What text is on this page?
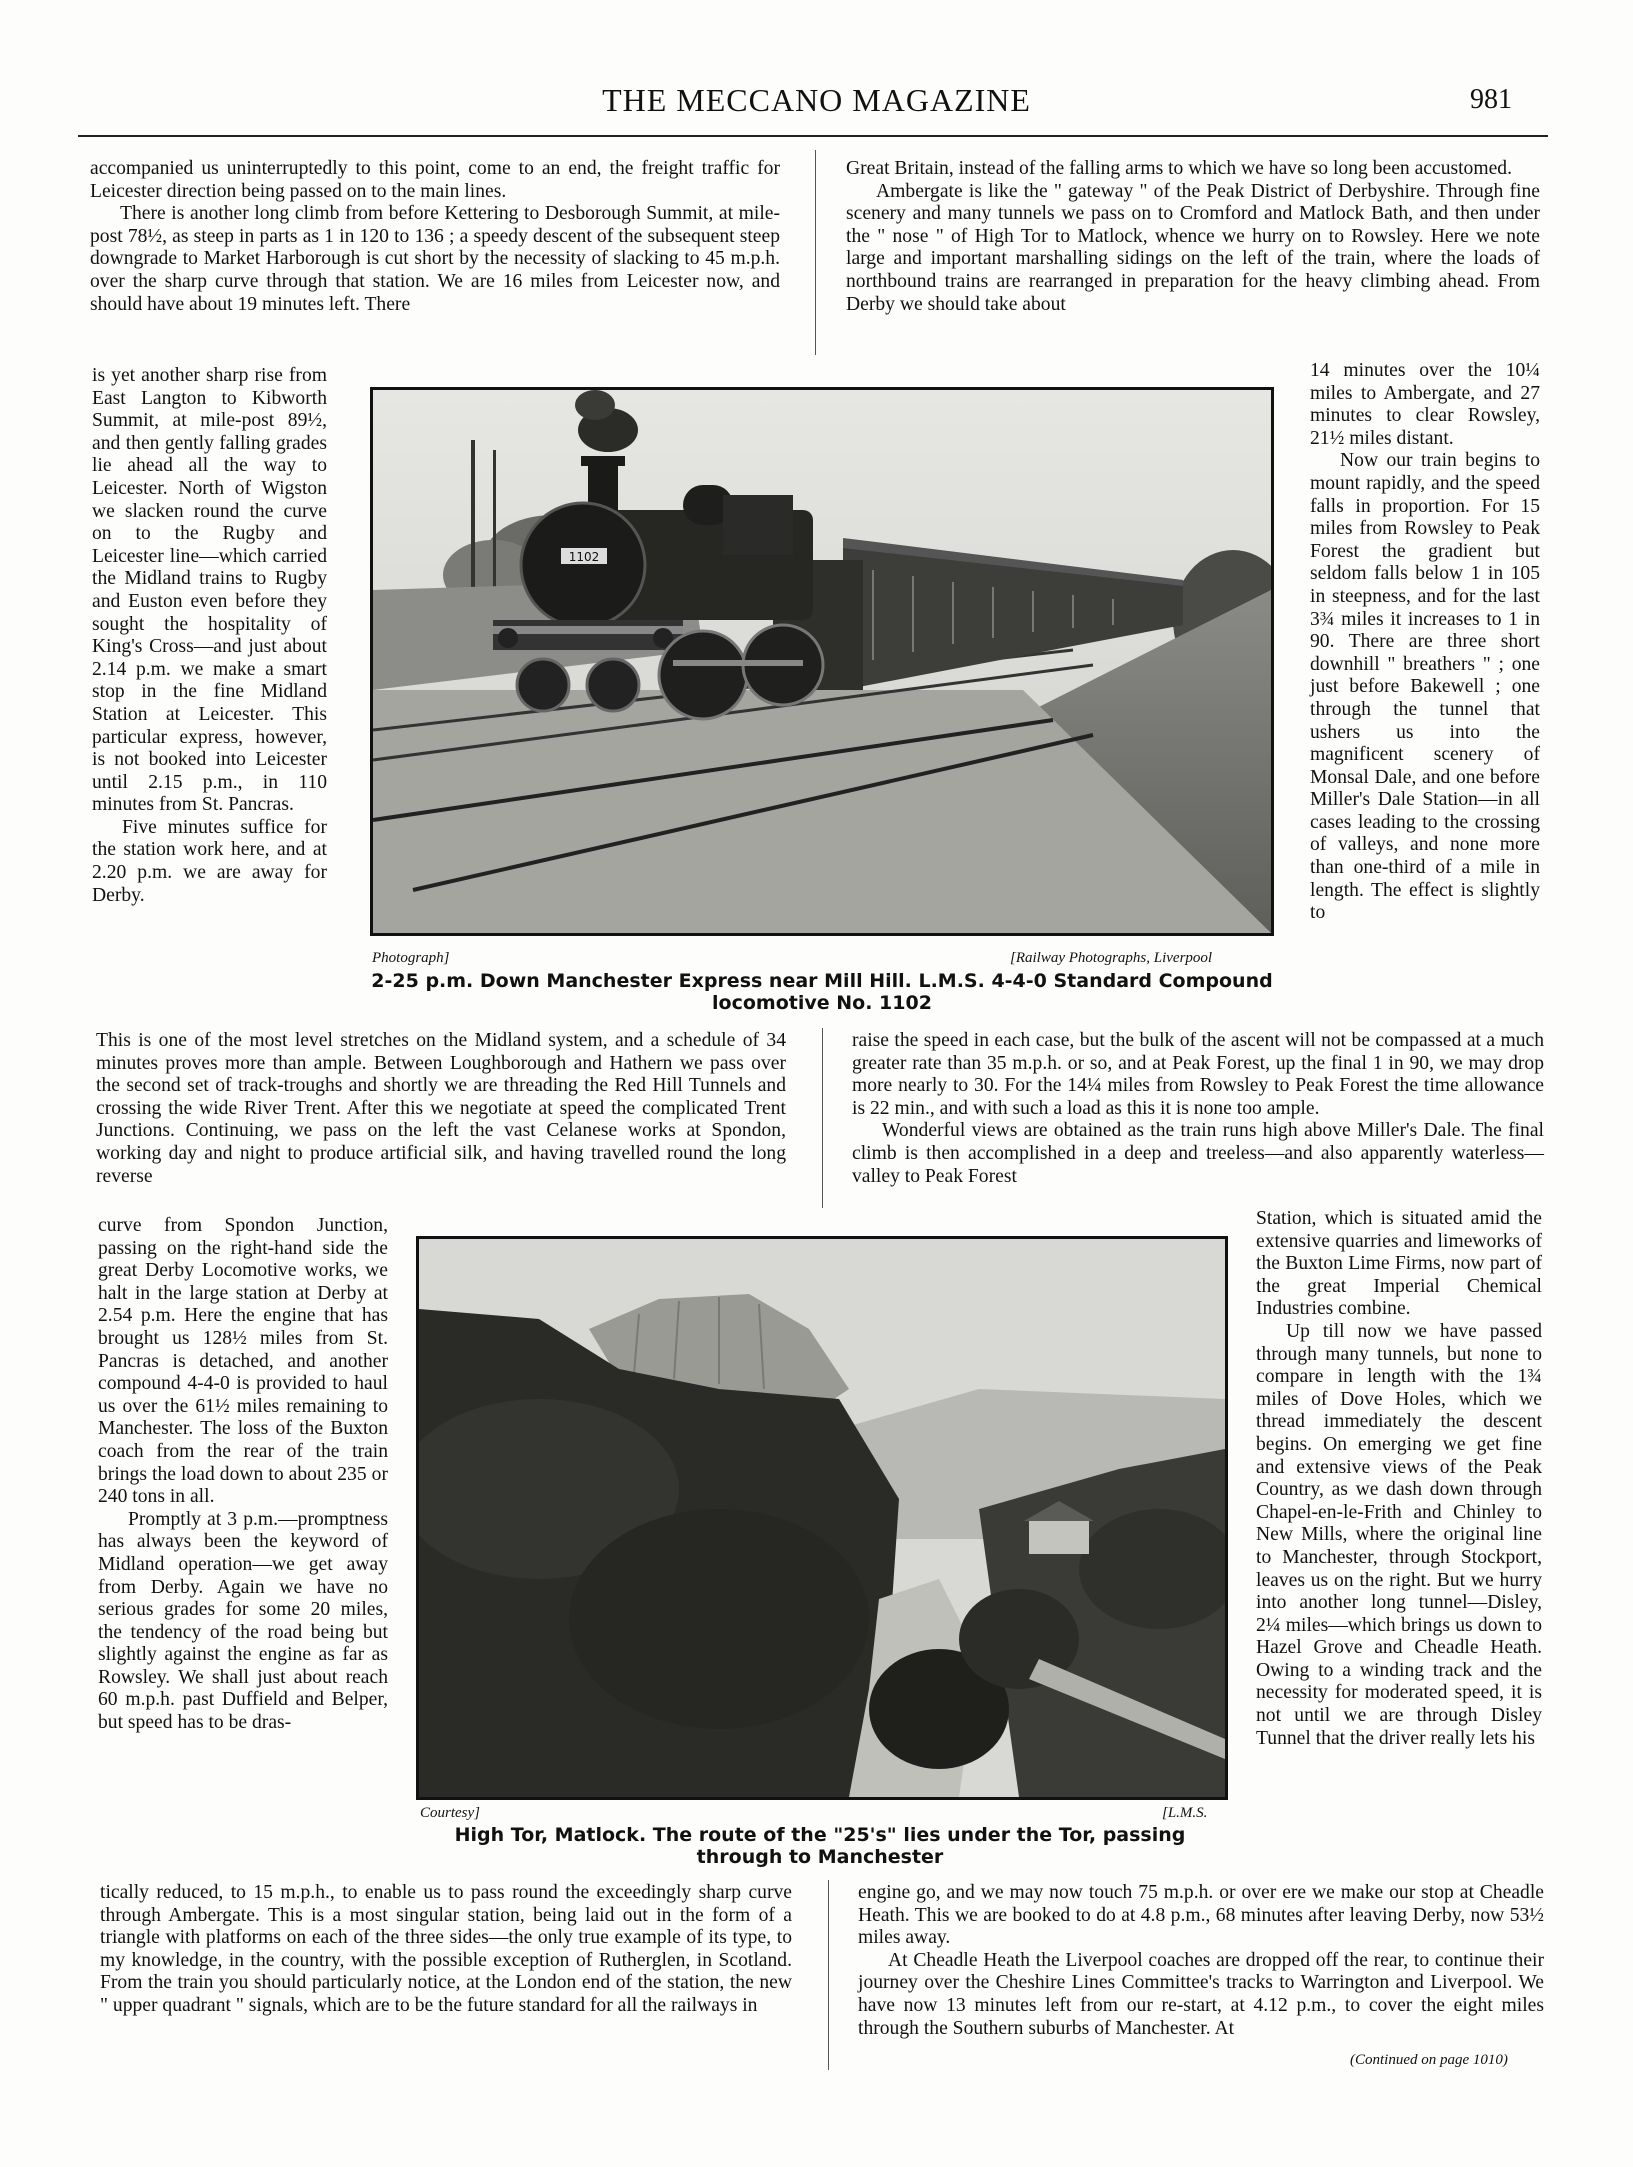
THE MECCANO MAGAZINE	981

accompanied us uninterruptedly to this point, come to an end, the freight traffic for Leicester direction being passed on to the main lines.

There is another long climb from before Kettering to Desborough Summit, at mile-post 78½, as steep in parts as 1 in 120 to 136 ; a speedy descent of the subsequent steep downgrade to Market Harborough is cut short by the necessity of slacking to 45 m.p.h. over the sharp curve through that station. We are 16 miles from Leicester now, and should have about 19 minutes left. There

Great Britain, instead of the falling arms to which we have so long been accustomed.

Ambergate is like the " gateway " of the Peak District of Derbyshire. Through fine scenery and many tunnels we pass on to Cromford and Matlock Bath, and then under the " nose " of High Tor to Matlock, whence we hurry on to Rowsley. Here we note large and important marshalling sidings on the left of the train, where the loads of northbound trains are rearranged in preparation for the heavy climbing ahead. From Derby we should take about

is yet another sharp rise from East Langton to Kibworth Summit, at mile-post 89½, and then gently falling grades lie ahead all the way to Leicester. North of Wigston we slacken round the curve on to the Rugby and Leicester line—which carried the Midland trains to Rugby and Euston even before they sought the hospitality of King's Cross—and just about 2.14 p.m. we make a smart stop in the fine Midland Station at Leicester. This particular express, however, is not booked into Leicester until 2.15 p.m., in 110 minutes from St. Pancras.

Five minutes suffice for the station work here, and at 2.20 p.m. we are away for Derby.

1102
Photograph]	[Railway Photographs, Liverpool
2-25 p.m. Down Manchester Express near Mill Hill. L.M.S. 4-4-0 Standard Compound locomotive No. 1102

14 minutes over the 10¼ miles to Ambergate, and 27 minutes to clear Rowsley, 21½ miles distant.

Now our train begins to mount rapidly, and the speed falls in proportion. For 15 miles from Rowsley to Peak Forest the gradient but seldom falls below 1 in 105 in steepness, and for the last 3¾ miles it increases to 1 in 90. There are three short downhill " breathers " ; one just before Bakewell ; one through the tunnel that ushers us into the magnificent scenery of Monsal Dale, and one before Miller's Dale Station—in all cases leading to the crossing of valleys, and none more than one-third of a mile in length. The effect is slightly to

This is one of the most level stretches on the Midland system, and a schedule of 34 minutes proves more than ample. Between Loughborough and Hathern we pass over the second set of track-troughs and shortly we are threading the Red Hill Tunnels and crossing the wide River Trent. After this we negotiate at speed the complicated Trent Junctions. Continuing, we pass on the left the vast Celanese works at Spondon, working day and night to produce artificial silk, and having travelled round the long reverse

raise the speed in each case, but the bulk of the ascent will not be compassed at a much greater rate than 35 m.p.h. or so, and at Peak Forest, up the final 1 in 90, we may drop more nearly to 30. For the 14¼ miles from Rowsley to Peak Forest the time allowance is 22 min., and with such a load as this it is none too ample.

Wonderful views are obtained as the train runs high above Miller's Dale. The final climb is then accomplished in a deep and treeless—and also apparently waterless—valley to Peak Forest

curve from Spondon Junction, passing on the right-hand side the great Derby Locomotive works, we halt in the large station at Derby at 2.54 p.m. Here the engine that has brought us 128½ miles from St. Pancras is detached, and another compound 4-4-0 is provided to haul us over the 61½ miles remaining to Manchester. The loss of the Buxton coach from the rear of the train brings the load down to about 235 or 240 tons in all.

Promptly at 3 p.m.—promptness has always been the keyword of Midland operation—we get away from Derby. Again we have no serious grades for some 20 miles, the tendency of the road being but slightly against the engine as far as Rowsley. We shall just about reach 60 m.p.h. past Duffield and Belper, but speed has to be dras-

Courtesy]	[L.M.S.
High Tor, Matlock. The route of the "25's" lies under the Tor, passing through to Manchester

Station, which is situated amid the extensive quarries and limeworks of the Buxton Lime Firms, now part of the great Imperial Chemical Industries combine.

Up till now we have passed through many tunnels, but none to compare in length with the 1¾ miles of Dove Holes, which we thread immediately the descent begins. On emerging we get fine and extensive views of the Peak Country, as we dash down through Chapel-en-le-Frith and Chinley to New Mills, where the original line to Manchester, through Stockport, leaves us on the right. But we hurry into another long tunnel—Disley, 2¼ miles—which brings us down to Hazel Grove and Cheadle Heath. Owing to a winding track and the necessity for moderated speed, it is not until we are through Disley Tunnel that the driver really lets his

tically reduced, to 15 m.p.h., to enable us to pass round the exceedingly sharp curve through Ambergate. This is a most singular station, being laid out in the form of a triangle with platforms on each of the three sides—the only true example of its type, to my knowledge, in the country, with the possible exception of Rutherglen, in Scotland. From the train you should particularly notice, at the London end of the station, the new " upper quadrant " signals, which are to be the future standard for all the railways in

engine go, and we may now touch 75 m.p.h. or over ere we make our stop at Cheadle Heath. This we are booked to do at 4.8 p.m., 68 minutes after leaving Derby, now 53½ miles away.

At Cheadle Heath the Liverpool coaches are dropped off the rear, to continue their journey over the Cheshire Lines Committee's tracks to Warrington and Liverpool. We have now 13 minutes left from our re-start, at 4.12 p.m., to cover the eight miles through the Southern suburbs of Manchester. At

(Continued on page 1010)
